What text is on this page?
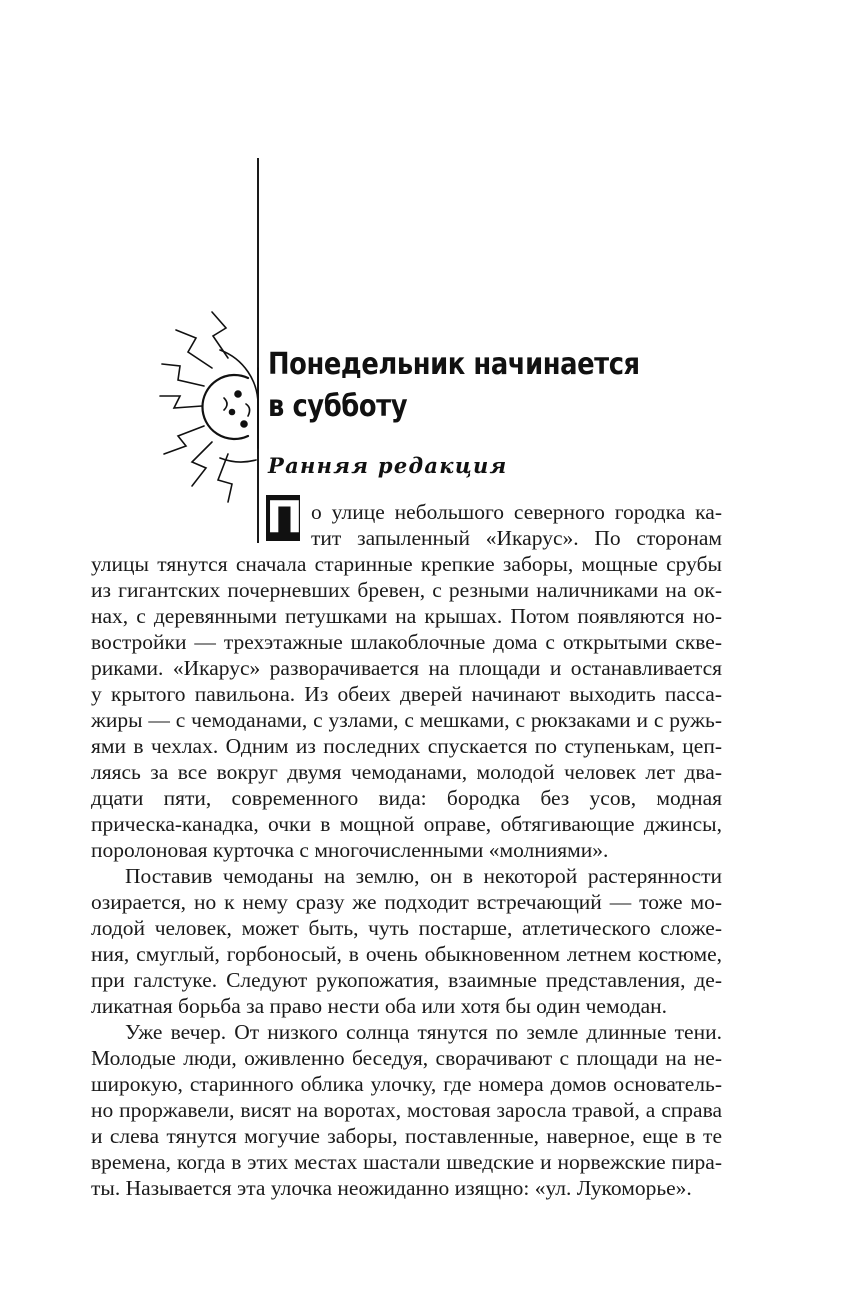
Понедельник начинается
в субботу
Ранняя редакция
П о улице небольшого северного городка ка-
тит запыленный «Икарус». По сторонам
улицы тянутся сначала старинные крепкие заборы, мощные срубы
из гигантских почерневших бревен, с резными наличниками на ок-
нах, с деревянными петушками на крышах. Потом появляются но-
востройки — трехэтажные шлакоблочные дома с открытыми скве-
риками. «Икарус» разворачивается на площади и останавливается
у крытого павильона. Из обеих дверей начинают выходить пасса-
жиры — с чемоданами, с узлами, с мешками, с рюкзаками и с ружь-
ями в чехлах. Одним из последних спускается по ступенькам, цеп-
ляясь за все вокруг двумя чемоданами, молодой человек лет два-
дцати пяти, современного вида: бородка без усов, модная
прическа-канадка, очки в мощной оправе, обтягивающие джинсы,
поролоновая курточка с многочисленными «молниями».
Поставив чемоданы на землю, он в некоторой растерянности
озирается, но к нему сразу же подходит встречающий — тоже мо-
лодой человек, может быть, чуть постарше, атлетического сложе-
ния, смуглый, горбоносый, в очень обыкновенном летнем костюме,
при галстуке. Следуют рукопожатия, взаимные представления, де-
ликатная борьба за право нести оба или хотя бы один чемодан.
Уже вечер. От низкого солнца тянутся по земле длинные тени.
Молодые люди, оживленно беседуя, сворачивают с площади на не-
широкую, старинного облика улочку, где номера домов основатель-
но проржавели, висят на воротах, мостовая заросла травой, а справа
и слева тянутся могучие заборы, поставленные, наверное, еще в те
времена, когда в этих местах шастали шведские и норвежские пира-
ты. Называется эта улочка неожиданно изящно: «ул. Лукоморье».
